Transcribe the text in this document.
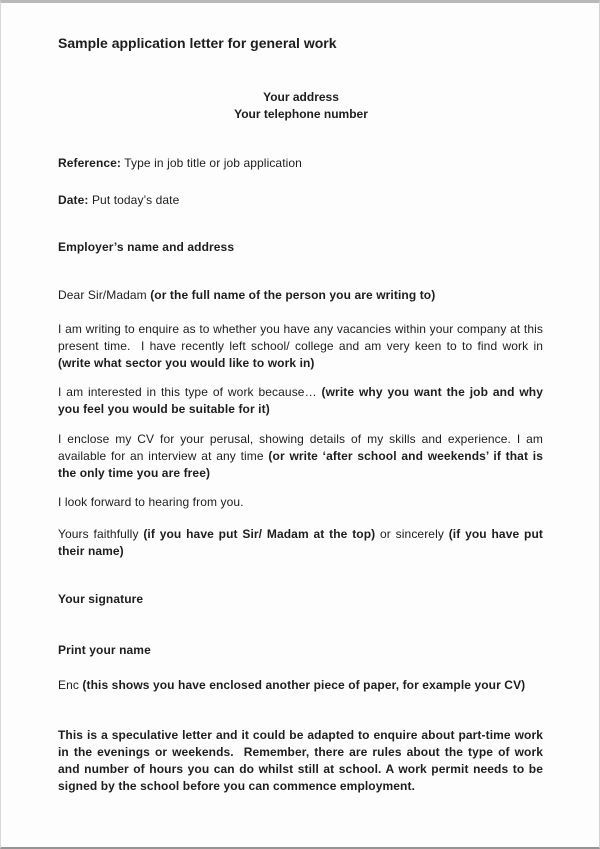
Sample application letter for general work
Your address
Your telephone number

Reference: Type in job title or job application

Date: Put today’s date

Employer’s name and address

Dear Sir/Madam (or the full name of the person you are writing to)

I am writing to enquire as to whether you have any vacancies within your company at this present time.  I have recently left school/ college and am very keen to to find work in (write what sector you would like to work in)

I am interested in this type of work because… (write why you want the job and why you feel you would be suitable for it)

I enclose my CV for your perusal, showing details of my skills and experience. I am available for an interview at any time (or write ‘after school and weekends’ if that is the only time you are free)

I look forward to hearing from you.

Yours faithfully (if you have put Sir/ Madam at the top) or sincerely (if you have put their name)

Your signature

Print your name

Enc (this shows you have enclosed another piece of paper, for example your CV)

This is a speculative letter and it could be adapted to enquire about part-time work in the evenings or weekends.  Remember, there are rules about the type of work and number of hours you can do whilst still at school. A work permit needs to be signed by the school before you can commence employment.
